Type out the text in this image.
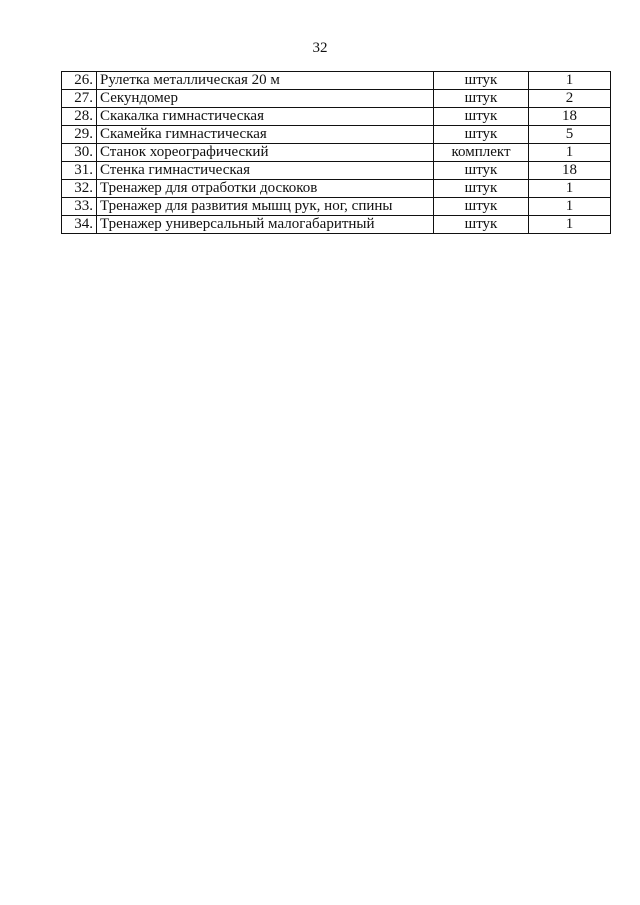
32
26.	Рулетка металлическая 20 м	штук	1
27.	Секундомер	штук	2
28.	Скакалка гимнастическая	штук	18
29.	Скамейка гимнастическая	штук	5
30.	Станок хореографический	комплект	1
31.	Стенка гимнастическая	штук	18
32.	Тренажер для отработки доскоков	штук	1
33.	Тренажер для развития мышц рук, ног, спины	штук	1
34.	Тренажер универсальный малогабаритный	штук	1
